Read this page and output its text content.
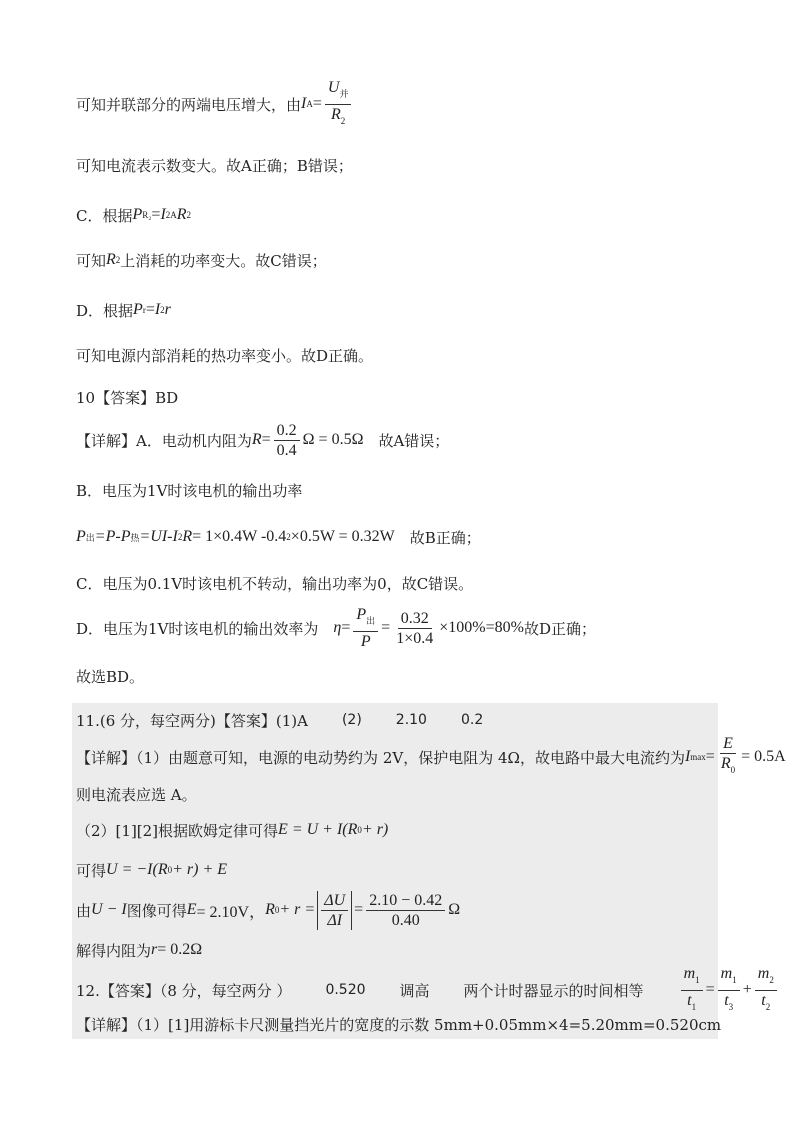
可知并联部分的两端电压增大，由 I $A = \frac{U_并}{R_2}$
可知电流表示数变大。故A正确；B错误；
C．根据 P R₂ = I 2 A R 2
可知 R 2 上消耗的功率变大。故C错误；
D．根据 P r = I 2 r
可知电源内部消耗的热功率变小。故D正确。
10【答案】BD
【详解】A．电动机内阻为 $R = \frac{0.2}{0.4}$ Ω = 0.5Ω 　故A错误；
B．电压为1V时该电机的输出功率
P 出 =P-P 热 =UI-I 2 R = 1×0.4W -0.4 2 ×0.5W = 0.32W 　故B正确；
C．电压为0.1V时该电机不转动，输出功率为0，故C错误。
D．电压为1V时该电机的输出效率为　 $\eta = \frac{P_出}{P} = \frac{0.32}{1\times 0.4} \times 100\%=80\%$ 故D正确；
故选BD。
11.(6 分，每空两分)【答案】(1)A (2) 2.10 0.2
【详解】（1）由题意可知，电源的电动势约为 2V，保护电阻为 4Ω，故电路中最大电流约为 I $\max = \frac{E}{R_0} = 0.5A$
则电流表应选 A。
（2）[1][2]根据欧姆定律可得 E = U + I(R 0 + r)
可得 U = −I(R 0 + r) + E
由 U − I 图像可得 E = 2.10V， R $0 + r = \frac{\Delta U}{\Delta I} = \frac{2.10 - 0.42}{0.40}$ Ω
解得内阻为 r = 0.2Ω
12.【答案】（8 分，每空两分 ） 0.520 调高 两个计时器显示的时间相等 $\frac{m_1}{t_1} = \frac{m_1}{t_3} + \frac{m_2}{t_2}$
【详解】（1）[1]用游标卡尺测量挡光片的宽度的示数 5mm+0.05mm×4=5.20mm=0.520cm
